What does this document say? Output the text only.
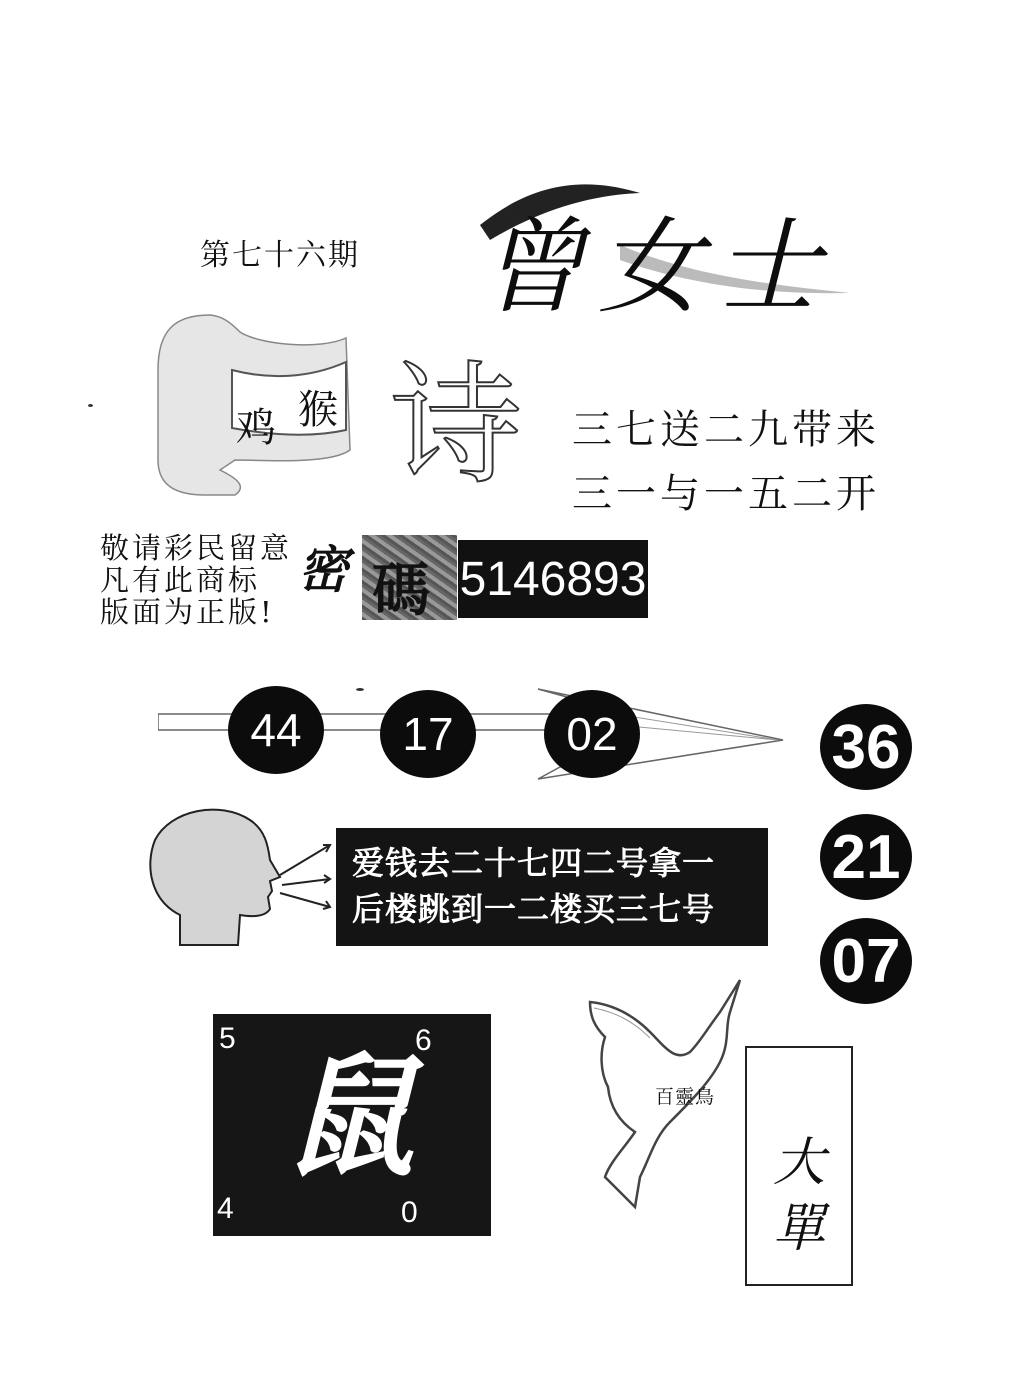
第七十六期 曾女士
鸡 猴 诗 三七送二九带来
三一与一五二开
敬请彩民留意
凡有此商标
版面为正版!
密 碼 5146893
44	17	02	36
21
07
爱钱去二十七四二号拿一
后楼跳到一二楼买三七号
5	6
4	0
鼠	百靈鳥
大
單
